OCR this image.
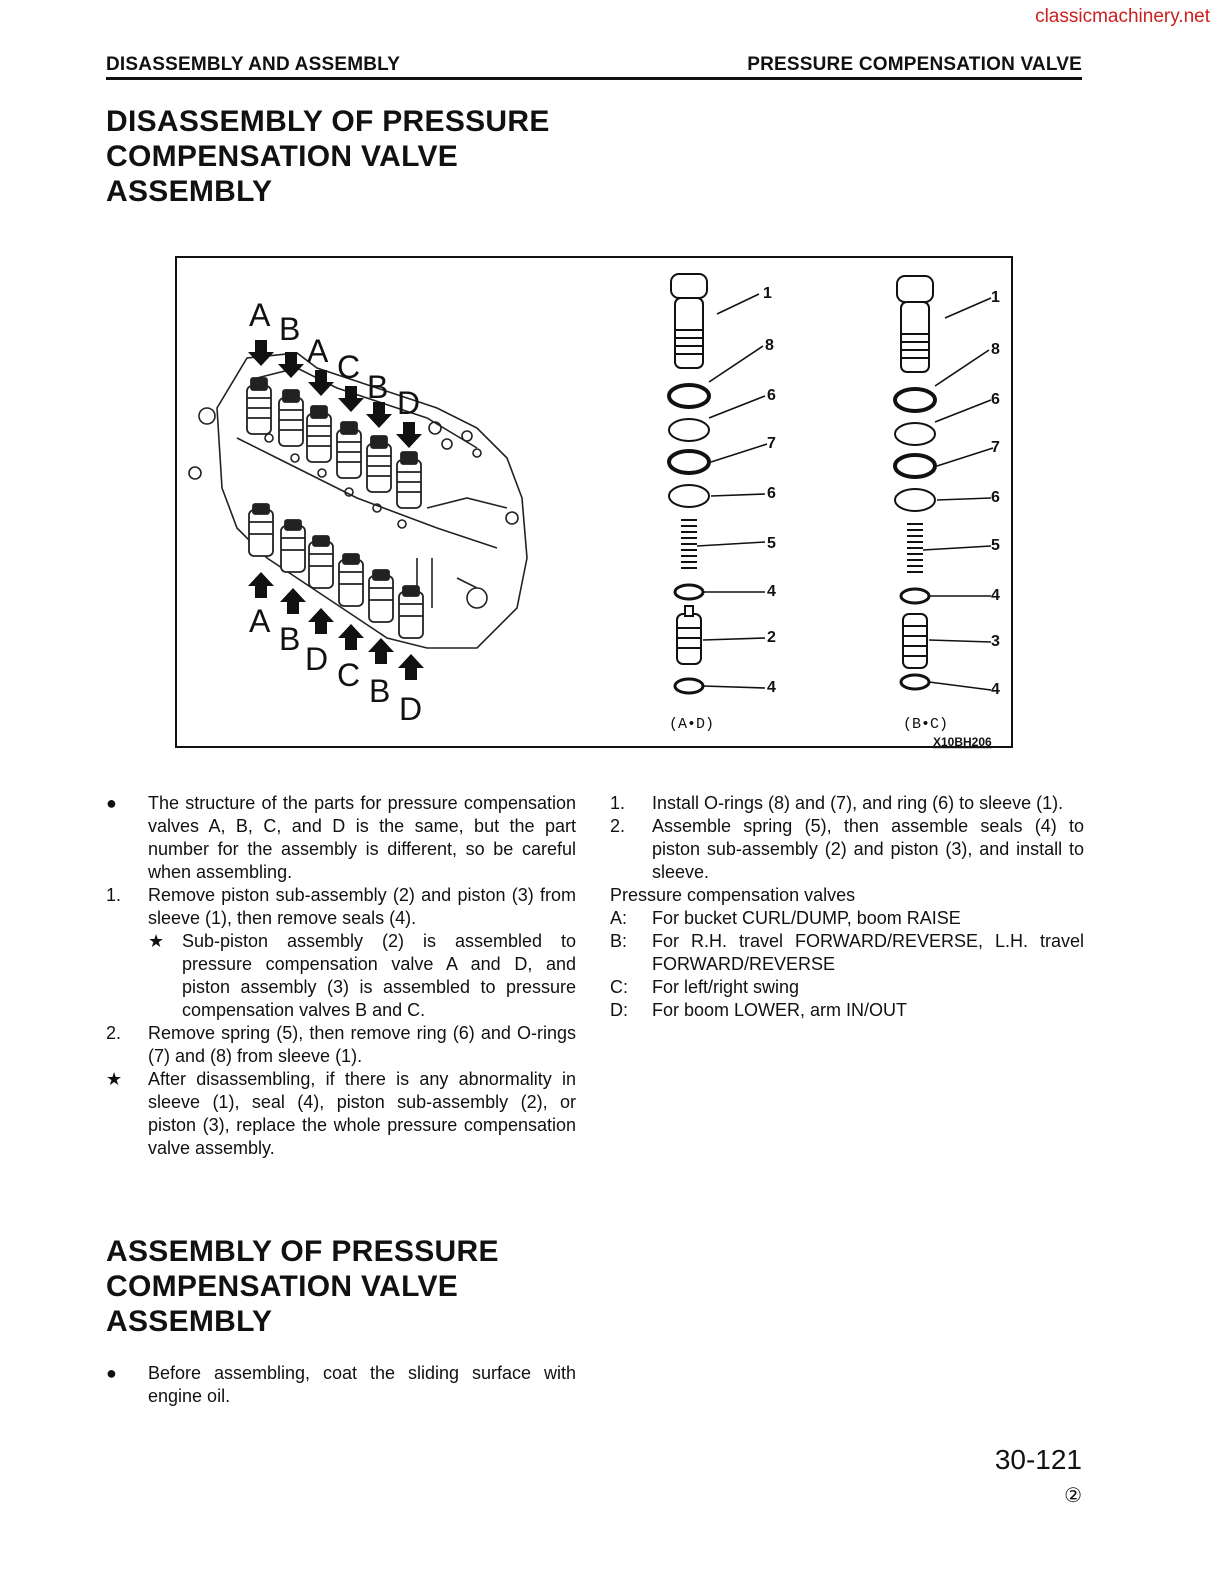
classicmachinery.net
DISASSEMBLY AND ASSEMBLY	PRESSURE COMPENSATION VALVE
DISASSEMBLY OF PRESSURE
COMPENSATION VALVE
ASSEMBLY
A B
A C
B D
A B
D C B D
1
8
6
7
6
5
4
2
4
1
8
6
7
6
5
4
3
4
(A•D)	(B•C)
X10BH206
● The structure of the parts for pressure compensation valves A, B, C, and D is the same, but the part number for the assembly is different, so be careful when assembling.
1. Remove piston sub-assembly (2) and piston (3) from sleeve (1), then remove seals (4).
★ Sub-piston assembly (2) is assembled to pressure compensation valve A and D, and piston assembly (3) is assembled to pressure compensation valves B and C.
2. Remove spring (5), then remove ring (6) and O-rings (7) and (8) from sleeve (1).
★ After disassembling, if there is any abnormality in sleeve (1), seal (4), piston sub-assembly (2), or piston (3), replace the whole pressure compensation valve assembly.
1. Install O-rings (8) and (7), and ring (6) to sleeve (1).
2. Assemble spring (5), then assemble seals (4) to piston sub-assembly (2) and piston (3), and install to sleeve.
Pressure compensation valves
A: For bucket CURL/DUMP, boom RAISE
B: For R.H. travel FORWARD/REVERSE, L.H. travel FORWARD/REVERSE
C: For left/right swing
D: For boom LOWER, arm IN/OUT
ASSEMBLY OF PRESSURE
COMPENSATION VALVE
ASSEMBLY
● Before assembling, coat the sliding surface with engine oil.
30-121
②
